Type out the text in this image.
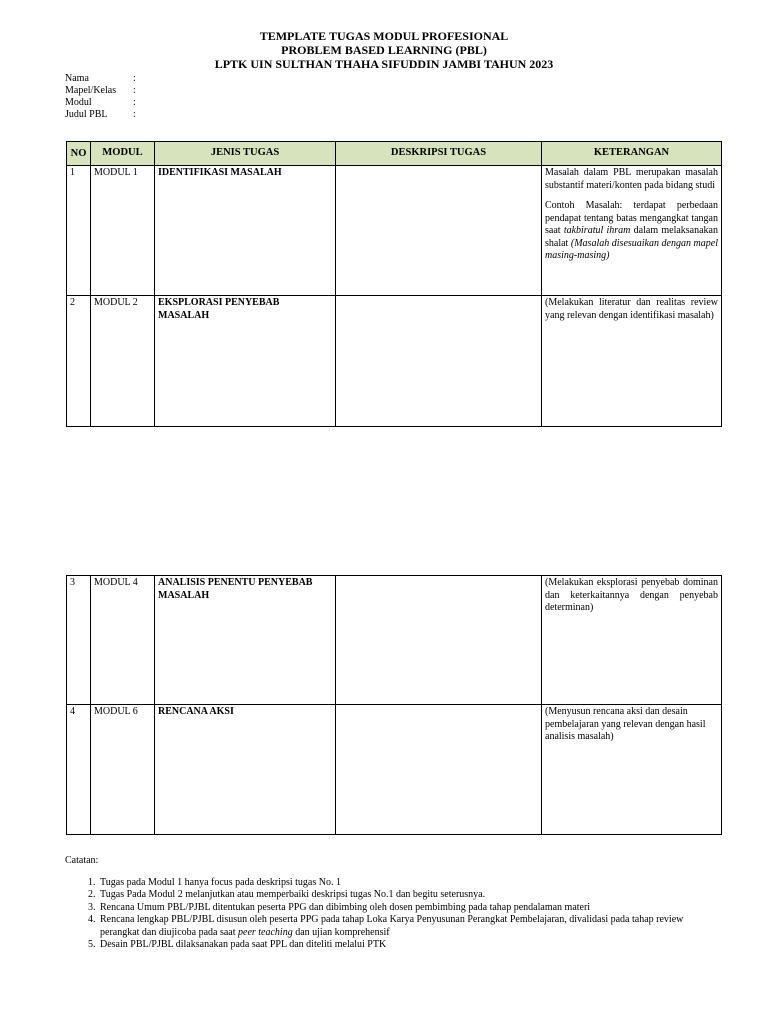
TEMPLATE TUGAS MODUL PROFESIONAL
PROBLEM BASED LEARNING (PBL)
LPTK UIN SULTHAN THAHA SIFUDDIN JAMBI TAHUN 2023
Nama	:
Mapel/Kelas	:
Modul	:
Judul PBL	:
NO	MODUL	JENIS TUGAS	DESKRIPSI TUGAS	KETERANGAN
1	MODUL 1	IDENTIFIKASI MASALAH		Masalah dalam PBL merupakan masalah substantif materi/konten pada bidang studi
Contoh Masalah: terdapat perbedaan pendapat tentang batas mengangkat tangan saat takbiratul ihram dalam melaksanakan shalat (Masalah disesuaikan dengan mapel masing-masing)

2	MODUL 2	EKSPLORASI PENYEBAB MASALAH		(Melakukan literatur dan realitas review yang relevan dengan identifikasi masalah)
3	MODUL 4	ANALISIS PENENTU PENYEBAB MASALAH		(Melakukan eksplorasi penyebab dominan dan keterkaitannya dengan penyebab determinan)
4	MODUL 6	RENCANA AKSI		(Menyusun rencana aksi dan desain pembelajaran yang relevan dengan hasil analisis masalah)
Catatan:
1. Tugas pada Modul 1 hanya focus pada deskripsi tugas No. 1
2. Tugas Pada Modul 2 melanjutkan atau memperbaiki deskripsi tugas No.1 dan begitu seterusnya.
3. Rencana Umum PBL/PJBL ditentukan peserta PPG dan dibimbing oleh dosen pembimbing pada tahap pendalaman materi
4. Rencana lengkap PBL/PJBL disusun oleh peserta PPG pada tahap Loka Karya Penyusunan Perangkat Pembelajaran, divalidasi pada tahap review perangkat dan diujicoba pada saat peer teaching dan ujian komprehensif
5. Desain PBL/PJBL dilaksanakan pada saat PPL dan diteliti melalui PTK
